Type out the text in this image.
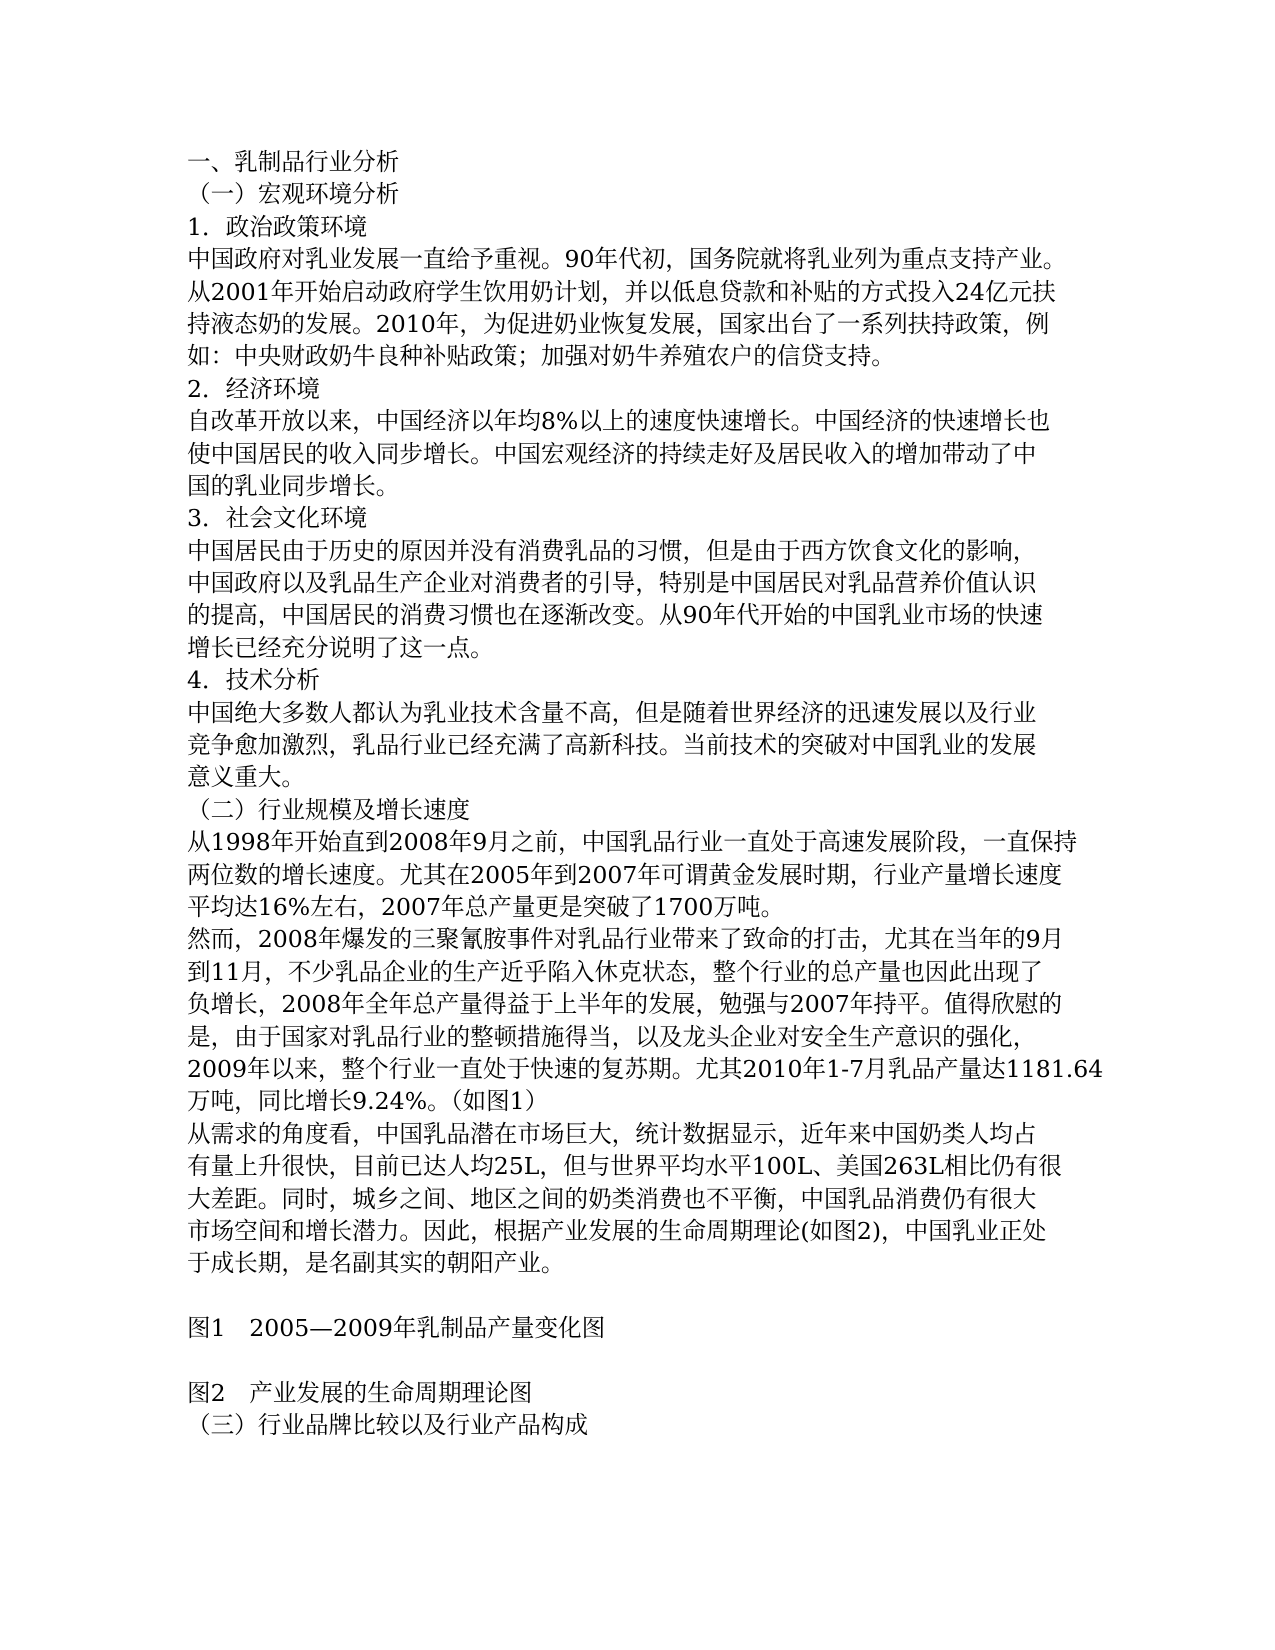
一、乳制品行业分析
（一）宏观环境分析
1．政治政策环境
中国政府对乳业发展一直给予重视。90年代初，国务院就将乳业列为重点支持产业。
从2001年开始启动政府学生饮用奶计划，并以低息贷款和补贴的方式投入24亿元扶
持液态奶的发展。2010年，为促进奶业恢复发展，国家出台了一系列扶持政策，例
如：中央财政奶牛良种补贴政策；加强对奶牛养殖农户的信贷支持。
2．经济环境
自改革开放以来，中国经济以年均8%以上的速度快速增长。中国经济的快速增长也
使中国居民的收入同步增长。中国宏观经济的持续走好及居民收入的增加带动了中
国的乳业同步增长。
3．社会文化环境
中国居民由于历史的原因并没有消费乳品的习惯，但是由于西方饮食文化的影响，
中国政府以及乳品生产企业对消费者的引导，特别是中国居民对乳品营养价值认识
的提高，中国居民的消费习惯也在逐渐改变。从90年代开始的中国乳业市场的快速
增长已经充分说明了这一点。
4．技术分析
中国绝大多数人都认为乳业技术含量不高，但是随着世界经济的迅速发展以及行业
竞争愈加激烈，乳品行业已经充满了高新科技。当前技术的突破对中国乳业的发展
意义重大。
（二）行业规模及增长速度
从1998年开始直到2008年9月之前，中国乳品行业一直处于高速发展阶段，一直保持
两位数的增长速度。尤其在2005年到2007年可谓黄金发展时期，行业产量增长速度
平均达16%左右，2007年总产量更是突破了1700万吨。
然而，2008年爆发的三聚氰胺事件对乳品行业带来了致命的打击，尤其在当年的9月
到11月，不少乳品企业的生产近乎陷入休克状态，整个行业的总产量也因此出现了
负增长，2008年全年总产量得益于上半年的发展，勉强与2007年持平。值得欣慰的
是，由于国家对乳品行业的整顿措施得当，以及龙头企业对安全生产意识的强化，
2009年以来，整个行业一直处于快速的复苏期。尤其2010年1-7月乳品产量达1181.64
万吨，同比增长9.24%。（如图1）
从需求的角度看，中国乳品潜在市场巨大，统计数据显示，近年来中国奶类人均占
有量上升很快，目前已达人均25L，但与世界平均水平100L、美国263L相比仍有很
大差距。同时，城乡之间、地区之间的奶类消费也不平衡，中国乳品消费仍有很大
市场空间和增长潜力。因此，根据产业发展的生命周期理论(如图2)，中国乳业正处
于成长期，是名副其实的朝阳产业。
图1　2005—2009年乳制品产量变化图
图2　产业发展的生命周期理论图
（三）行业品牌比较以及行业产品构成
